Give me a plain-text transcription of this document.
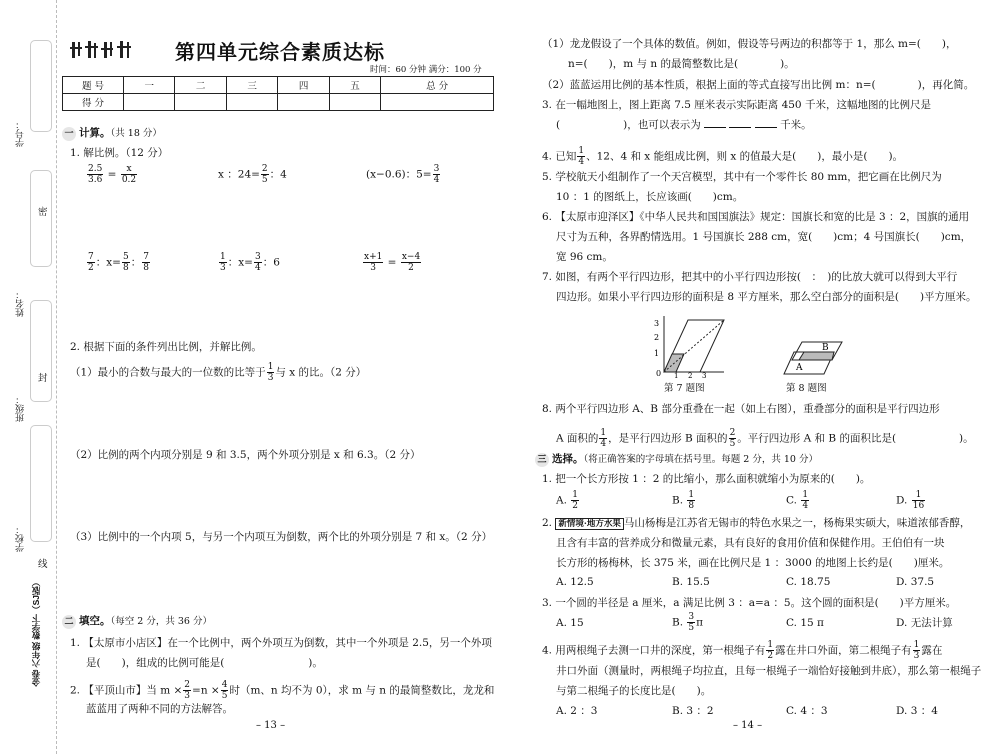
学号：
姓名：
密
班级：
封
学校：
线
金卷 六年级 数学下（SJ版）
第四单元综合素质达标
时间：60 分钟 满分：100 分
题 号	一	二	三	四	五	总 分
得 分						
一 计算。（共 18 分）
1. 解比例。（12 分）
$\frac{2.5}{3.6} = \frac{x}{0.2}$	x ：$24= \frac{2}{5}$ ：4	(x−0.6)：$5= \frac{3}{4}$
$\frac{7}{2}$ ：$x= \frac{5}{8}$ ： $\frac{7}{8}$	$\frac{1}{3}$ ：$x= \frac{3}{4}$ ：6	$\frac{x+1}{3} = \frac{x-4}{2}$
2. 根据下面的条件列出比例，并解比例。
（1）最小的合数与最大的一位数的比等于 $\frac{1}{3}$ 与 x 的比。（2 分）
（2）比例的两个内项分别是 9 和 3.5，两个外项分别是 x 和 6.3。（2 分）
（3）比例中的一个内项 5，与另一个内项互为倒数，两个比的外项分别是 7 和 x。（2 分）
二 填空。（每空 2 分，共 36 分）
1. 【太原市小店区】在一个比例中，两个外项互为倒数，其中一个外项是 2.5，另一个外项
是(　　)，组成的比例可能是(　　　　　　　　)。
2. 【平顶山市】当 $m \times \frac{2}{3} =n \times \frac{4}{5}$ 时（m、n 均不为 0），求 m 与 n 的最简整数比，龙龙和
蓝蓝用了两种不同的方法解答。
– 13 –
（1）龙龙假设了一个具体的数值。例如，假设等号两边的积都等于 1，那么 m=(　　)，
n=(　　)，m 与 n 的最简整数比是(　　　　)。
（2）蓝蓝运用比例的基本性质，根据上面的等式直接写出比例 m：n=(　　　　)，再化简。
3. 在一幅地图上，图上距离 7.5 厘米表示实际距离 450 千米，这幅地图的比例尺是
(　　　　　　)，也可以表示为	千米。
4. 已知 $\frac{1}{4}$ 、12、4 和 x 能组成比例，则 x 的值最大是(　　)，最小是(　　)。
5. 学校航天小组制作了一个天宫模型，其中有一个零件长 80 mm，把它画在比例尺为
10 ：1 的图纸上，长应该画(　　)cm。
6. 【太原市迎泽区】《中华人民共和国国旗法》规定：国旗长和宽的比是 3 ：2，国旗的通用
尺寸为五种，各界酌情选用。1 号国旗长 288 cm，宽(　　)cm；4 号国旗长(　　)cm，
宽 96 cm。
7. 如图，有两个平行四边形，把其中的小平行四边形按(　：　)的比放大就可以得到大平行
四边形。如果小平行四边形的面积是 8 平方厘米，那么空白部分的面积是(　　)平方厘米。
3
2
1
0 1 2 3
第 7 题图
A
B
第 8 题图
8. 两个平行四边形 A、B 部分重叠在一起（如上右图），重叠部分的面积是平行四边形
A 面积的 $\frac{1}{4}$ ，是平行四边形 B 面积的 $\frac{2}{5}$ 。平行四边形 A 和 B 的面积比是(　　　　　　)。
三 选择。（将正确答案的字母填在括号里。每题 2 分，共 10 分）
1. 把一个长方形按 1 ：2 的比缩小，那么面积就缩小为原来的(　　)。
A. $\frac{1}{2}$	B. $\frac{1}{8}$	C. $\frac{1}{4}$	D. $\frac{1}{16}$
2. 新情境·地方水果 马山杨梅是江苏省无锡市的特色水果之一，杨梅果实硕大，味道浓郁香醇，
且含有丰富的营养成分和微量元素，具有良好的食用价值和保健作用。王伯伯有一块
长方形的杨梅林，长 375 米，画在比例尺是 1 ：3000 的地图上长约是(　　)厘米。
A. 12.5	B. 15.5	C. 18.75	D. 37.5
3. 一个圆的半径是 a 厘米，a 满足比例 3 ：a=a ：5。这个圆的面积是(　　)平方厘米。
A. 15	B. $\frac{3}{5}$ π	C. 15 π	D. 无法计算
4. 用两根绳子去测一口井的深度，第一根绳子有 $\frac{1}{2}$ 露在井口外面，第二根绳子有 $\frac{1}{3}$ 露在
井口外面（测量时，两根绳子均拉直，且每一根绳子一端恰好接触到井底），那么第一根绳子
与第二根绳子的长度比是(　　)。
A. 2 ：3	B. 3 ：2	C. 4 ：3	D. 3 ：4
– 14 –
